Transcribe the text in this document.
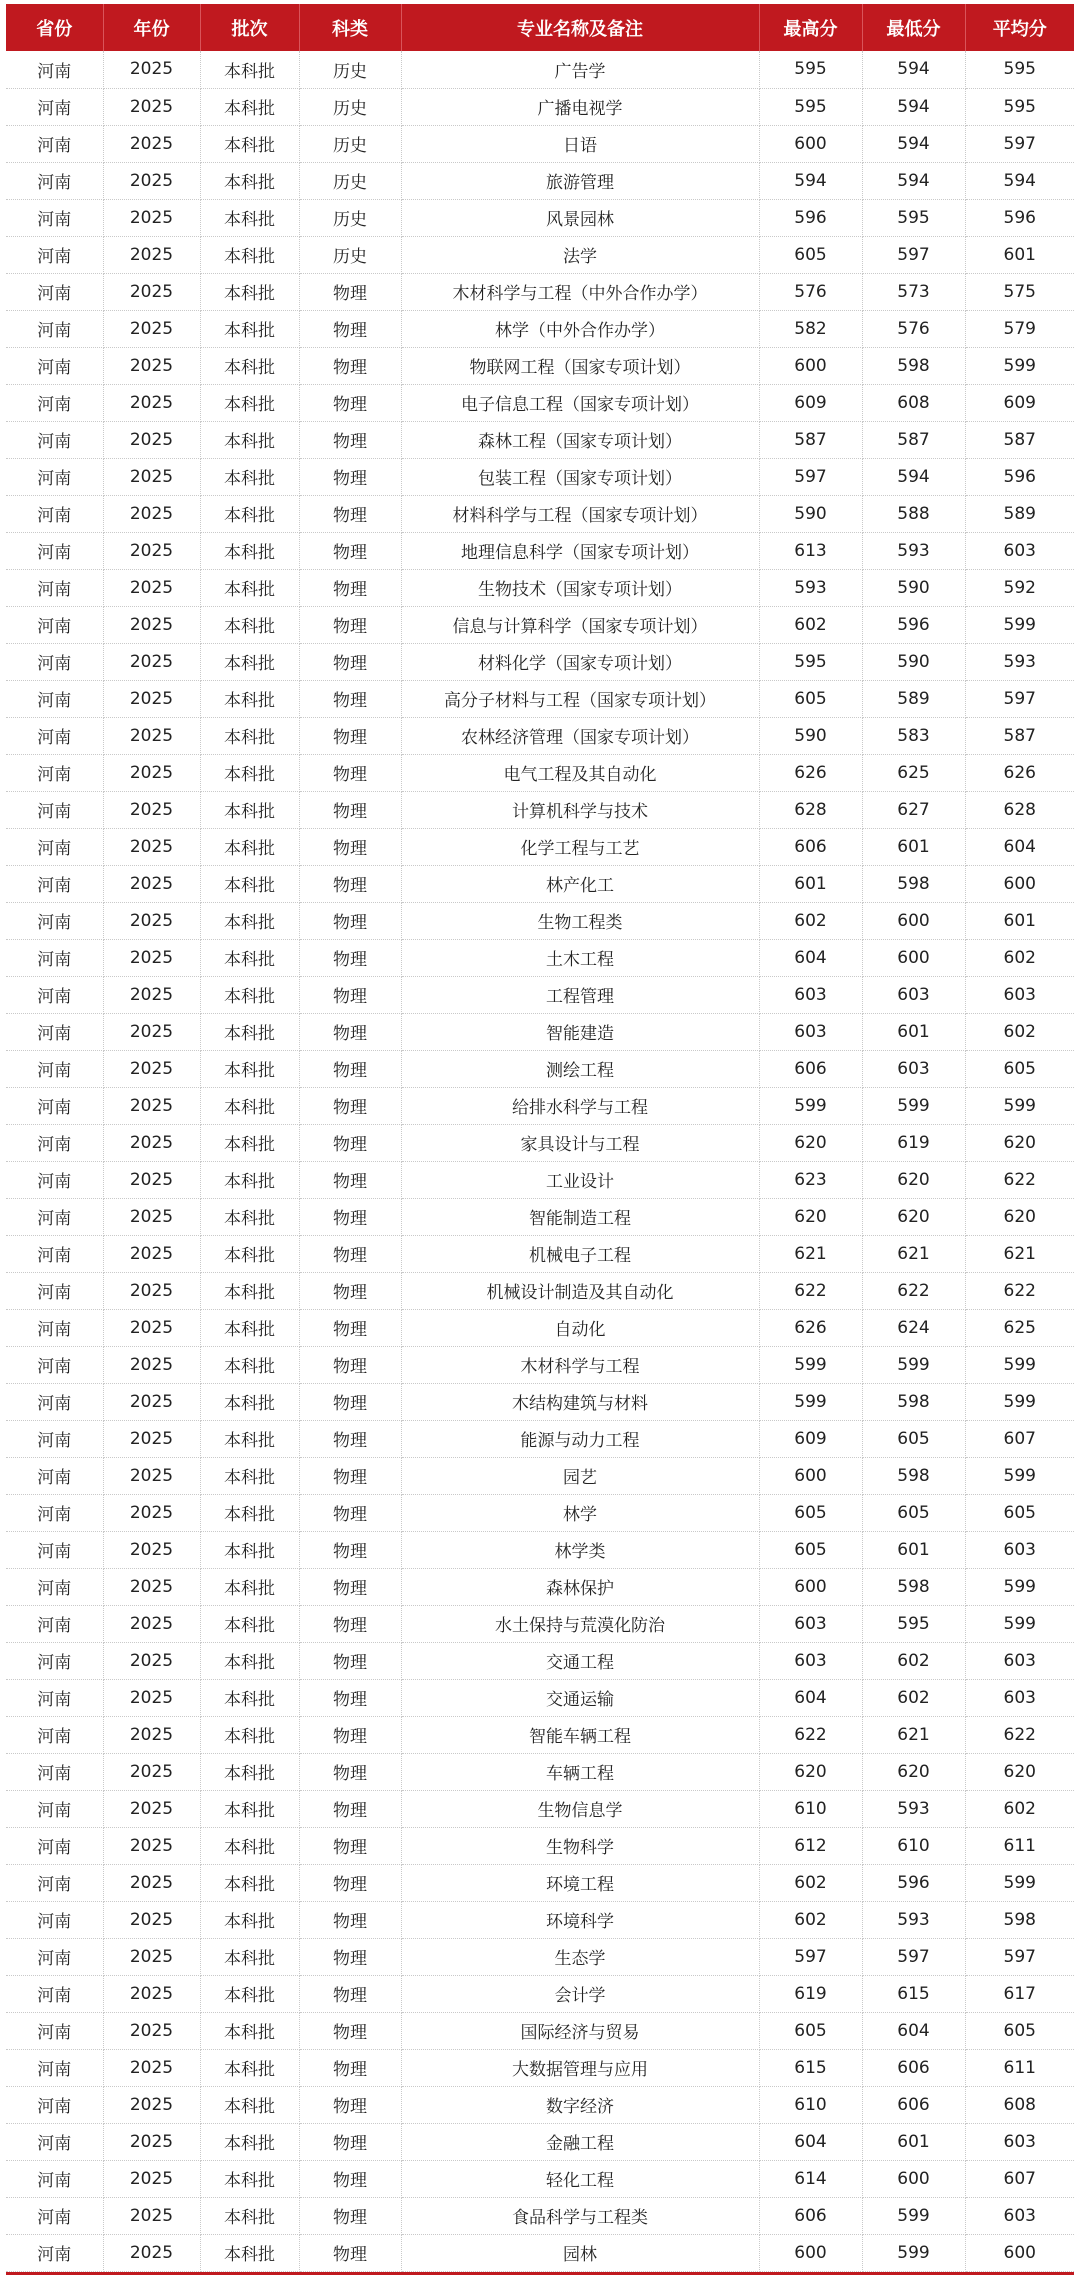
省份	年份	批次	科类	专业名称及备注	最高分	最低分	平均分
河南	2025	本科批	历史	广告学	595	594	595
河南	2025	本科批	历史	广播电视学	595	594	595
河南	2025	本科批	历史	日语	600	594	597
河南	2025	本科批	历史	旅游管理	594	594	594
河南	2025	本科批	历史	风景园林	596	595	596
河南	2025	本科批	历史	法学	605	597	601
河南	2025	本科批	物理	木材科学与工程（中外合作办学）	576	573	575
河南	2025	本科批	物理	林学（中外合作办学）	582	576	579
河南	2025	本科批	物理	物联网工程（国家专项计划）	600	598	599
河南	2025	本科批	物理	电子信息工程（国家专项计划）	609	608	609
河南	2025	本科批	物理	森林工程（国家专项计划）	587	587	587
河南	2025	本科批	物理	包装工程（国家专项计划）	597	594	596
河南	2025	本科批	物理	材料科学与工程（国家专项计划）	590	588	589
河南	2025	本科批	物理	地理信息科学（国家专项计划）	613	593	603
河南	2025	本科批	物理	生物技术（国家专项计划）	593	590	592
河南	2025	本科批	物理	信息与计算科学（国家专项计划）	602	596	599
河南	2025	本科批	物理	材料化学（国家专项计划）	595	590	593
河南	2025	本科批	物理	高分子材料与工程（国家专项计划）	605	589	597
河南	2025	本科批	物理	农林经济管理（国家专项计划）	590	583	587
河南	2025	本科批	物理	电气工程及其自动化	626	625	626
河南	2025	本科批	物理	计算机科学与技术	628	627	628
河南	2025	本科批	物理	化学工程与工艺	606	601	604
河南	2025	本科批	物理	林产化工	601	598	600
河南	2025	本科批	物理	生物工程类	602	600	601
河南	2025	本科批	物理	土木工程	604	600	602
河南	2025	本科批	物理	工程管理	603	603	603
河南	2025	本科批	物理	智能建造	603	601	602
河南	2025	本科批	物理	测绘工程	606	603	605
河南	2025	本科批	物理	给排水科学与工程	599	599	599
河南	2025	本科批	物理	家具设计与工程	620	619	620
河南	2025	本科批	物理	工业设计	623	620	622
河南	2025	本科批	物理	智能制造工程	620	620	620
河南	2025	本科批	物理	机械电子工程	621	621	621
河南	2025	本科批	物理	机械设计制造及其自动化	622	622	622
河南	2025	本科批	物理	自动化	626	624	625
河南	2025	本科批	物理	木材科学与工程	599	599	599
河南	2025	本科批	物理	木结构建筑与材料	599	598	599
河南	2025	本科批	物理	能源与动力工程	609	605	607
河南	2025	本科批	物理	园艺	600	598	599
河南	2025	本科批	物理	林学	605	605	605
河南	2025	本科批	物理	林学类	605	601	603
河南	2025	本科批	物理	森林保护	600	598	599
河南	2025	本科批	物理	水土保持与荒漠化防治	603	595	599
河南	2025	本科批	物理	交通工程	603	602	603
河南	2025	本科批	物理	交通运输	604	602	603
河南	2025	本科批	物理	智能车辆工程	622	621	622
河南	2025	本科批	物理	车辆工程	620	620	620
河南	2025	本科批	物理	生物信息学	610	593	602
河南	2025	本科批	物理	生物科学	612	610	611
河南	2025	本科批	物理	环境工程	602	596	599
河南	2025	本科批	物理	环境科学	602	593	598
河南	2025	本科批	物理	生态学	597	597	597
河南	2025	本科批	物理	会计学	619	615	617
河南	2025	本科批	物理	国际经济与贸易	605	604	605
河南	2025	本科批	物理	大数据管理与应用	615	606	611
河南	2025	本科批	物理	数字经济	610	606	608
河南	2025	本科批	物理	金融工程	604	601	603
河南	2025	本科批	物理	轻化工程	614	600	607
河南	2025	本科批	物理	食品科学与工程类	606	599	603
河南	2025	本科批	物理	园林	600	599	600
